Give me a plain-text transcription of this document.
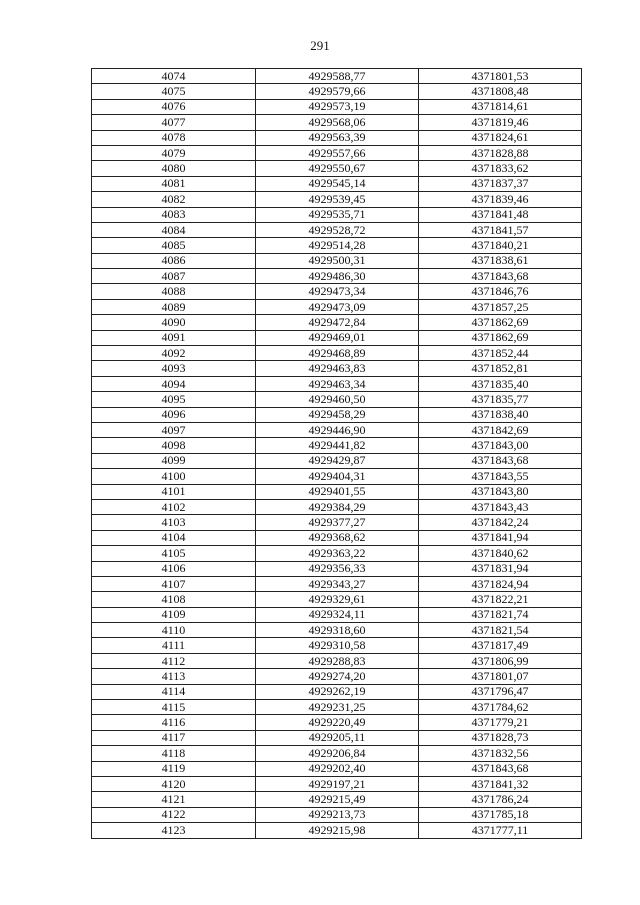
291
4074	4929588,77	4371801,53
4075	4929579,66	4371808,48
4076	4929573,19	4371814,61
4077	4929568,06	4371819,46
4078	4929563,39	4371824,61
4079	4929557,66	4371828,88
4080	4929550,67	4371833,62
4081	4929545,14	4371837,37
4082	4929539,45	4371839,46
4083	4929535,71	4371841,48
4084	4929528,72	4371841,57
4085	4929514,28	4371840,21
4086	4929500,31	4371838,61
4087	4929486,30	4371843,68
4088	4929473,34	4371846,76
4089	4929473,09	4371857,25
4090	4929472,84	4371862,69
4091	4929469,01	4371862,69
4092	4929468,89	4371852,44
4093	4929463,83	4371852,81
4094	4929463,34	4371835,40
4095	4929460,50	4371835,77
4096	4929458,29	4371838,40
4097	4929446,90	4371842,69
4098	4929441,82	4371843,00
4099	4929429,87	4371843,68
4100	4929404,31	4371843,55
4101	4929401,55	4371843,80
4102	4929384,29	4371843,43
4103	4929377,27	4371842,24
4104	4929368,62	4371841,94
4105	4929363,22	4371840,62
4106	4929356,33	4371831,94
4107	4929343,27	4371824,94
4108	4929329,61	4371822,21
4109	4929324,11	4371821,74
4110	4929318,60	4371821,54
4111	4929310,58	4371817,49
4112	4929288,83	4371806,99
4113	4929274,20	4371801,07
4114	4929262,19	4371796,47
4115	4929231,25	4371784,62
4116	4929220,49	4371779,21
4117	4929205,11	4371828,73
4118	4929206,84	4371832,56
4119	4929202,40	4371843,68
4120	4929197,21	4371841,32
4121	4929215,49	4371786,24
4122	4929213,73	4371785,18
4123	4929215,98	4371777,11
